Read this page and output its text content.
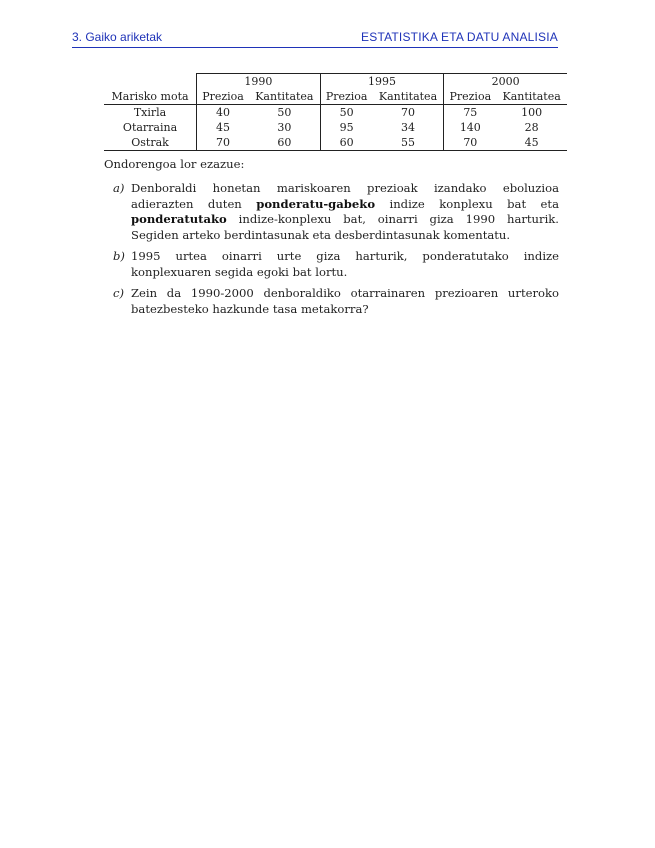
3. Gaiko ariketak	ESTATISTIKA ETA DATU ANALISIA
	1990		1995		2000	
Marisko mota	Prezioa	Kantitatea	Prezioa	Kantitatea	Prezioa	Kantitatea
Txirla	40	50	50	70	75	100
Otarraina	45	30	95	34	140	28
Ostrak	70	60	60	55	70	45
Ondorengoa lor ezazue:
a) Denboraldi honetan mariskoaren prezioak izandako eboluzioa adierazten duten ponderatu-gabeko indize konplexu bat eta ponderatutako indize-konplexu bat, oinarri giza 1990 harturik. Segiden arteko berdintasunak eta desberdintasunak komentatu.
b) 1995 urtea oinarri urte giza harturik, ponderatutako indize konplexuaren segida egoki bat lortu.
c) Zein da 1990-2000 denboraldiko otarrainaren prezioaren urteroko batezbesteko hazkunde tasa metakorra?
